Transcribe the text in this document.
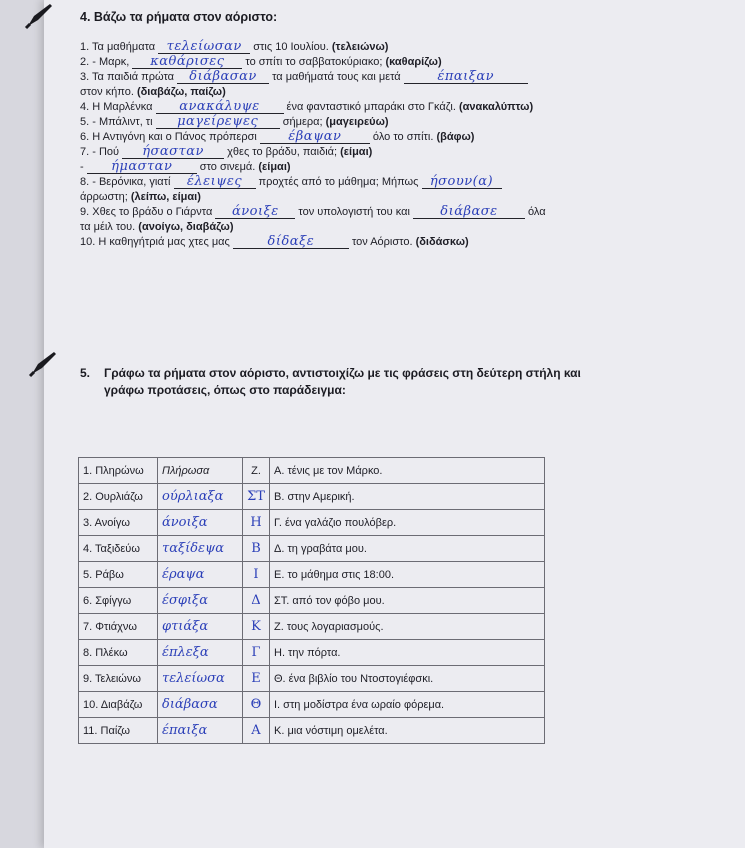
4. Βάζω τα ρήματα στον αόριστο:
1. Τα μαθήματα τελείωσαν στις 10 Ιουλίου. (τελειώνω)
2. - Μαρκ, καθάρισες το σπίτι το σαββατοκύριακο; (καθαρίζω)
3. Τα παιδιά πρώτα διάβασαν τα μαθήματά τους και μετά	έπαιξαν
στον κήπο. (διαβάζω, παίζω)
4. Η Μαρλένκα ανακάλυψε ένα φανταστικό μπαράκι στο Γκάζι. (ανακαλύπτω)
5. - Μπάλιντ, τι μαγείρεψες σήμερα; (μαγειρεύω)
6. Η Αντιγόνη και ο Πάνος πρόπερσι έβαψαν	όλο το σπίτι. (βάφω)
7. - Πού ήσασταν χθες το βράδυ, παιδιά; (είμαι)
- ήμασταν στο σινεμά. (είμαι)
8. - Βερόνικα, γιατί έλειψες προχτές από το μάθημα; Μήπως ήσουν(α)
άρρωστη; (λείπω, είμαι)
9. Χθες το βράδυ ο Γιάρντα άνοιξε τον υπολογιστή του και διάβασε όλα
τα μέιλ του. (ανοίγω, διαβάζω)
10. Η καθηγήτριά μας χτες μας	δίδαξε	τον Αόριστο. (διδάσκω)
5. Γράφω τα ρήματα στον αόριστο, αντιστοιχίζω με τις φράσεις στη δεύτερη στήλη και
γράφω προτάσεις, όπως στο παράδειγμα:
1. Πληρώνω	Πλήρωσα	Ζ.	Α. τένις με τον Μάρκο.
2. Ουρλιάζω	ούρλιαξα	ΣΤ	Β. στην Αμερική.
3. Ανοίγω	άνοιξα	Η	Γ. ένα γαλάζιο πουλόβερ.
4. Ταξιδεύω	ταξίδεψα	Β	Δ. τη γραβάτα μου.
5. Ράβω	έραψα	Ι	Ε. το μάθημα στις 18:00.
6. Σφίγγω	έσφιξα	Δ	ΣΤ. από τον φόβο μου.
7. Φτιάχνω	φτιάξα	Κ	Ζ. τους λογαριασμούς.
8. Πλέκω	έπλεξα	Γ	Η. την πόρτα.
9. Τελειώνω	τελείωσα	Ε	Θ. ένα βιβλίο του Ντοστογιέφσκι.
10. Διαβάζω	διάβασα	Θ	Ι. στη μοδίστρα ένα ωραίο φόρεμα.
11. Παίζω	έπαιξα	Α	Κ. μια νόστιμη ομελέτα.
